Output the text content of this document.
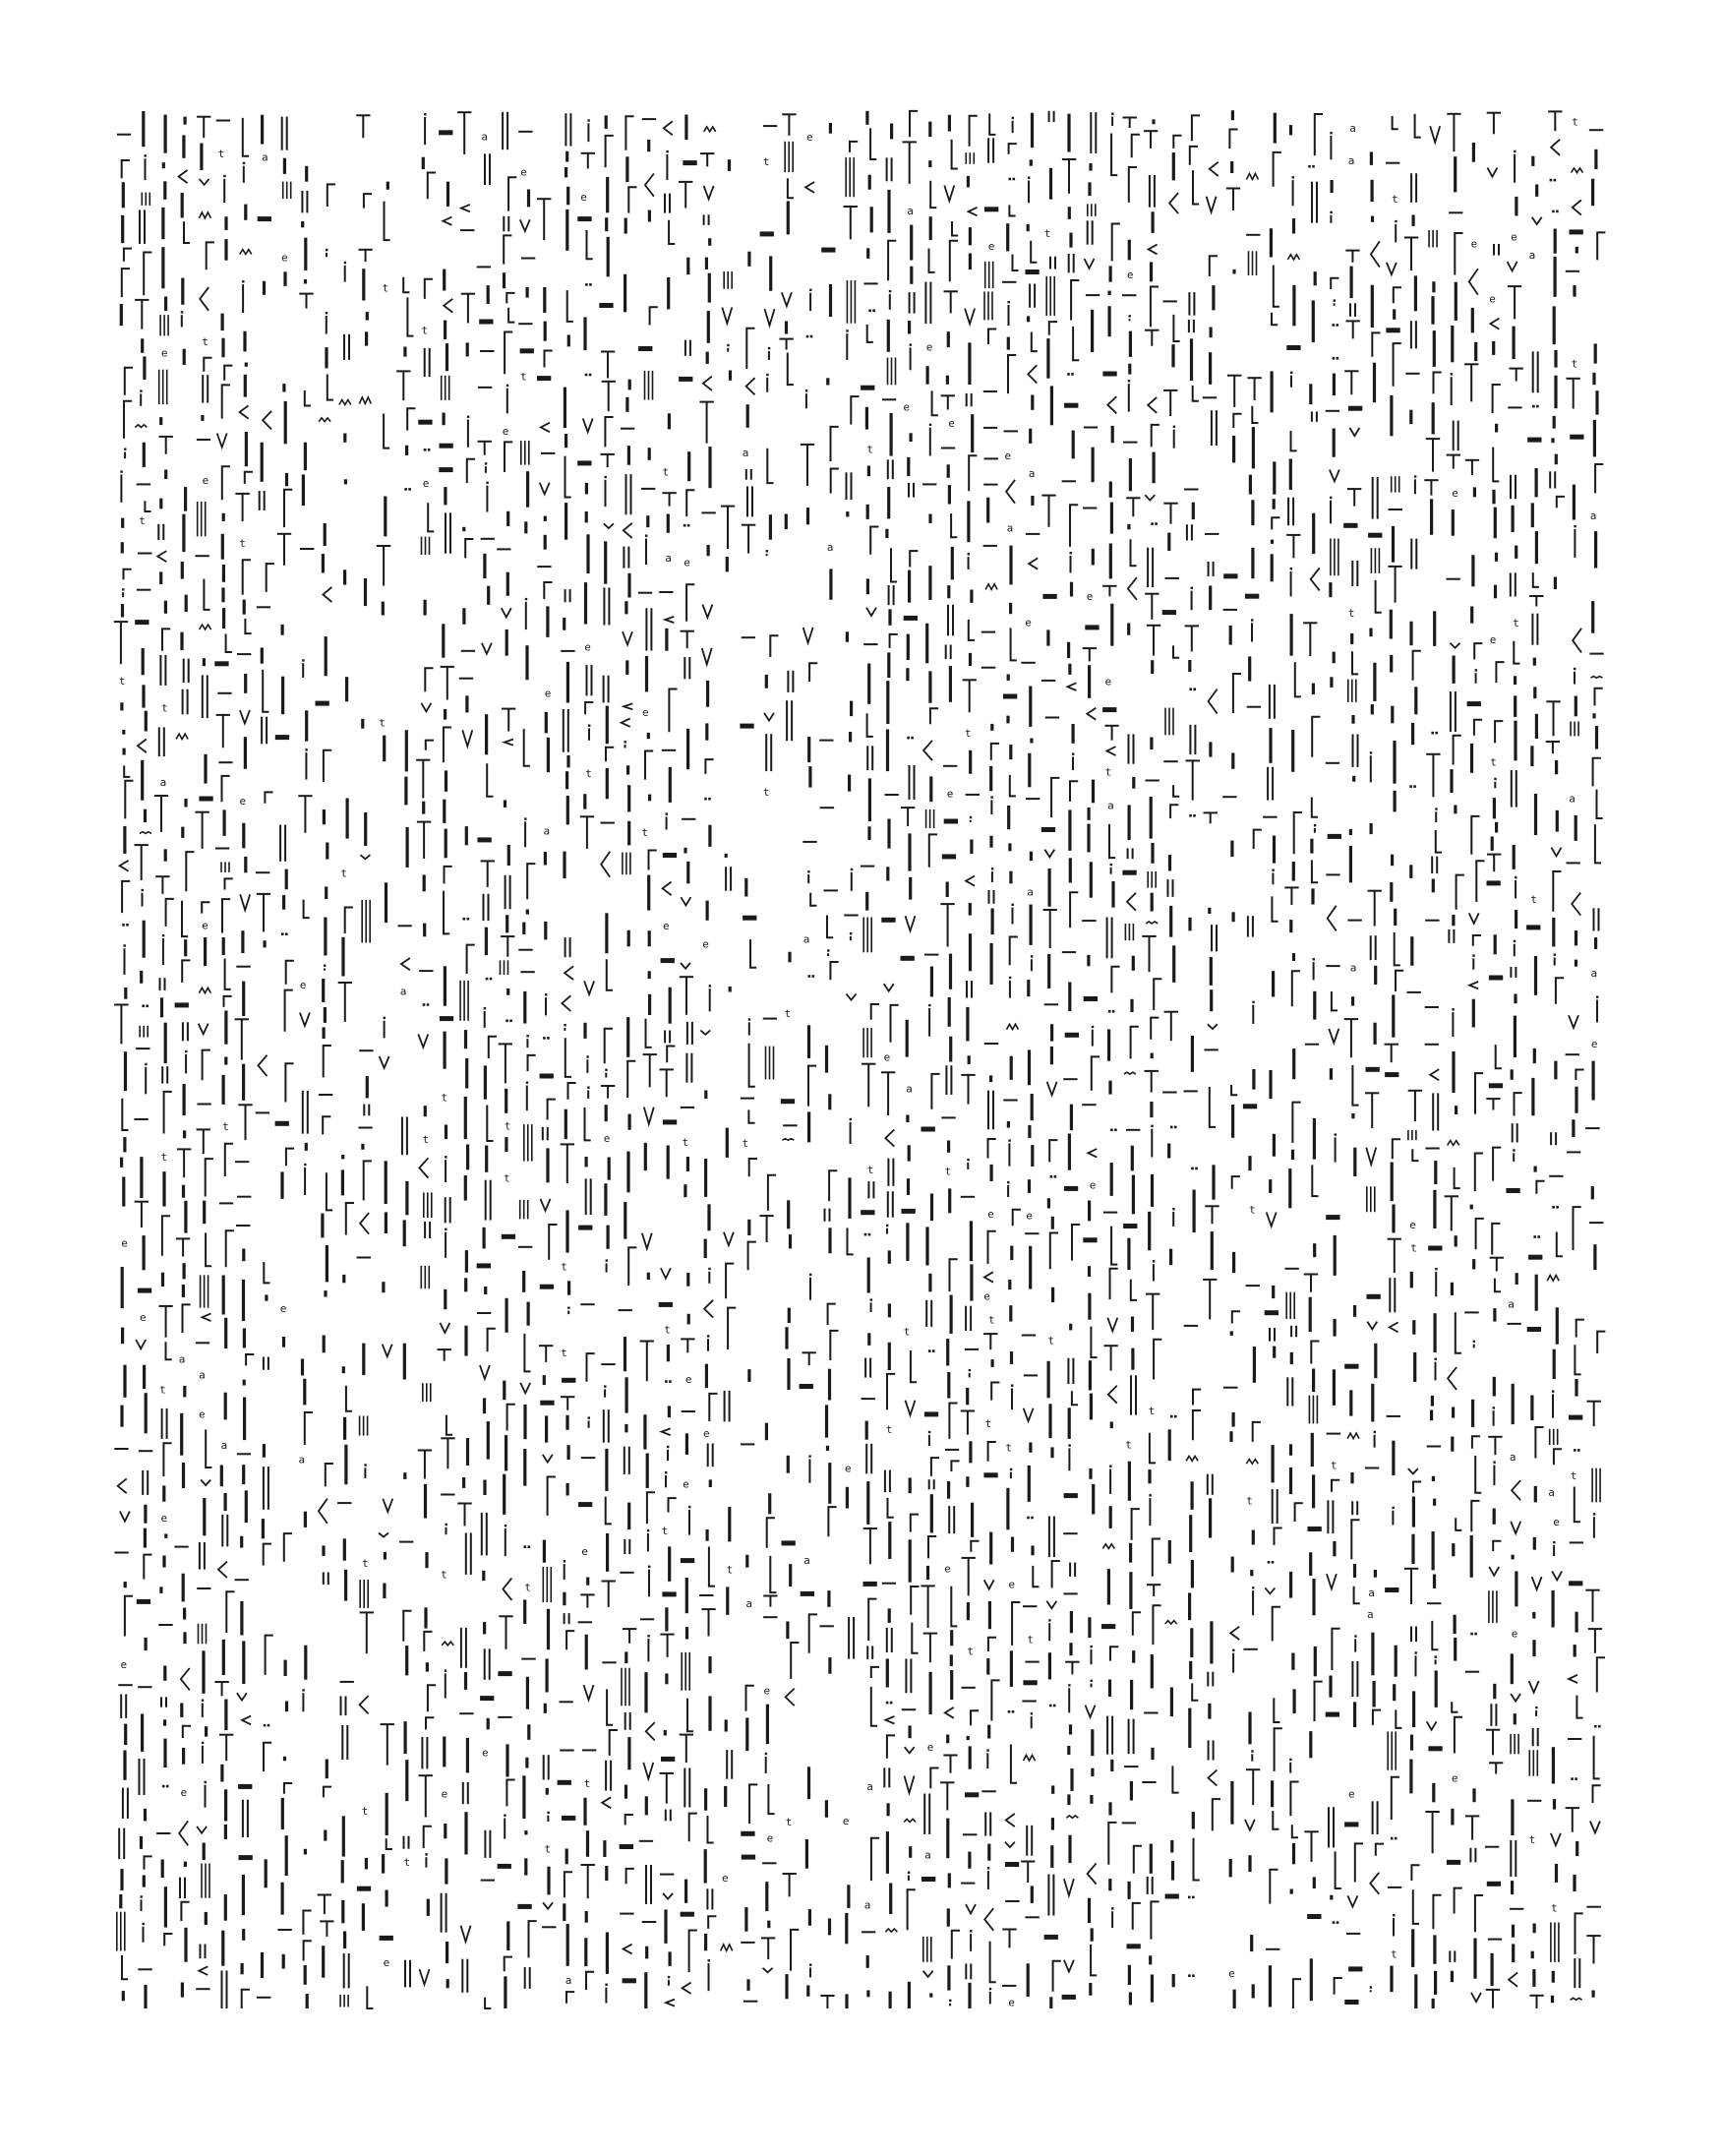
t
e
e
t
e
e
t
a
t
t
e
a
e
t
e
e
a
e
t
t
a
t
e
a
e
e
e
a
t
t
t
t
t
e
a
t
t
e
t
t
t
e
a
e
e
t
t
e
t
t
e
a
t
t
t
a
e
e
t
e
t
e
e
t
t
a
e
t
t
e
t
e
e
e
e
t
e
a
t
a
t
t
e
e
t
t
e
a
a
a
e
e
t
t
a
a
e
t
a
e
a
t
e
e
a
e
e
t
e
t
t
e
e
e
t
t
e
a
t
e
e
a
e
a
e
t
t
t
e
e
e
t
a
e
t
t
e
t
t
t
a
a
t
a
e
a
a
t
t
e
t
e
e
e
e
e
t
e
t
a
a
e
a
t
t
a
e
t
t
t
a
t
a
a
e
